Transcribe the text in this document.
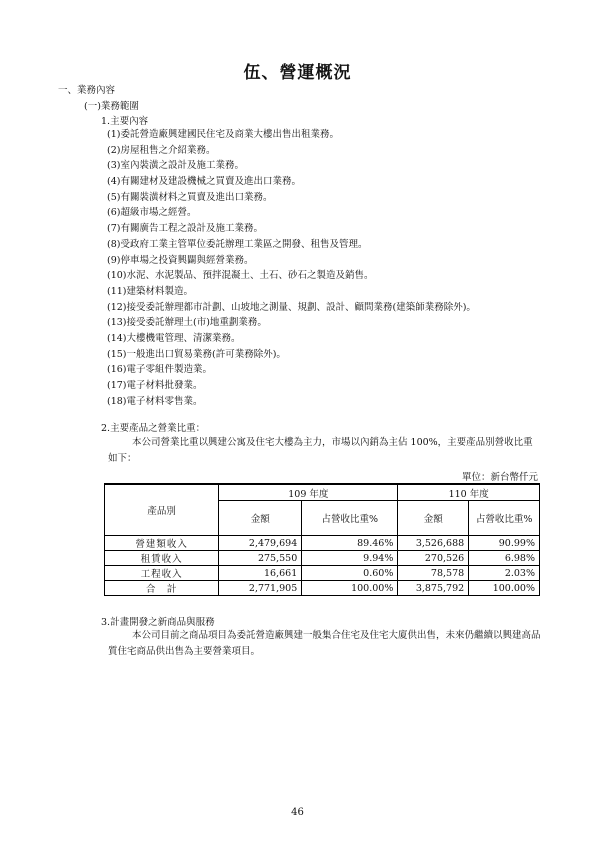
伍、營運概況
一、業務內容
(一)業務範圍
1.主要內容
(1)委託營造廠興建國民住宅及商業大樓出售出租業務。
(2)房屋租售之介紹業務。
(3)室內裝潢之設計及施工業務。
(4)有關建材及建設機械之買賣及進出口業務。
(5)有關裝潢材料之買賣及進出口業務。
(6)超級市場之經營。
(7)有關廣告工程之設計及施工業務。
(8)受政府工業主管單位委託辦理工業區之開發、租售及管理。
(9)停車場之投資興闢與經營業務。
(10)水泥、水泥製品、預拌混凝土、土石、砂石之製造及銷售。
(11)建築材料製造。
(12)接受委託辦理都市計劃、山坡地之測量、規劃、設計、顧問業務(建築師業務除外)。
(13)接受委託辦理土(市)地重劃業務。
(14)大樓機電管理、清潔業務。
(15)一般進出口貿易業務(許可業務除外)。
(16)電子零組件製造業。
(17)電子材料批發業。
(18)電子材料零售業。
2.主要產品之營業比重：

本公司營業比重以興建公寓及住宅大樓為主力，市場以內銷為主佔 100%，主要產品別營收比重如下：

單位：新台幣仟元
產品別	109 年度		110 年度	
	金額	占營收比重%	金額	占營收比重%
營建類收入	2,479,694	89.46%	3,526,688	90.99%
租賃收入	275,550	9.94%	270,526	6.98%
工程收入	16,661	0.60%	78,578	2.03%
合　計	2,771,905	100.00%	3,875,792	100.00%
3.計畫開發之新商品與服務

本公司目前之商品項目為委託營造廠興建一般集合住宅及住宅大廈供出售，未來仍繼續以興建高品質住宅商品供出售為主要營業項目。

46
